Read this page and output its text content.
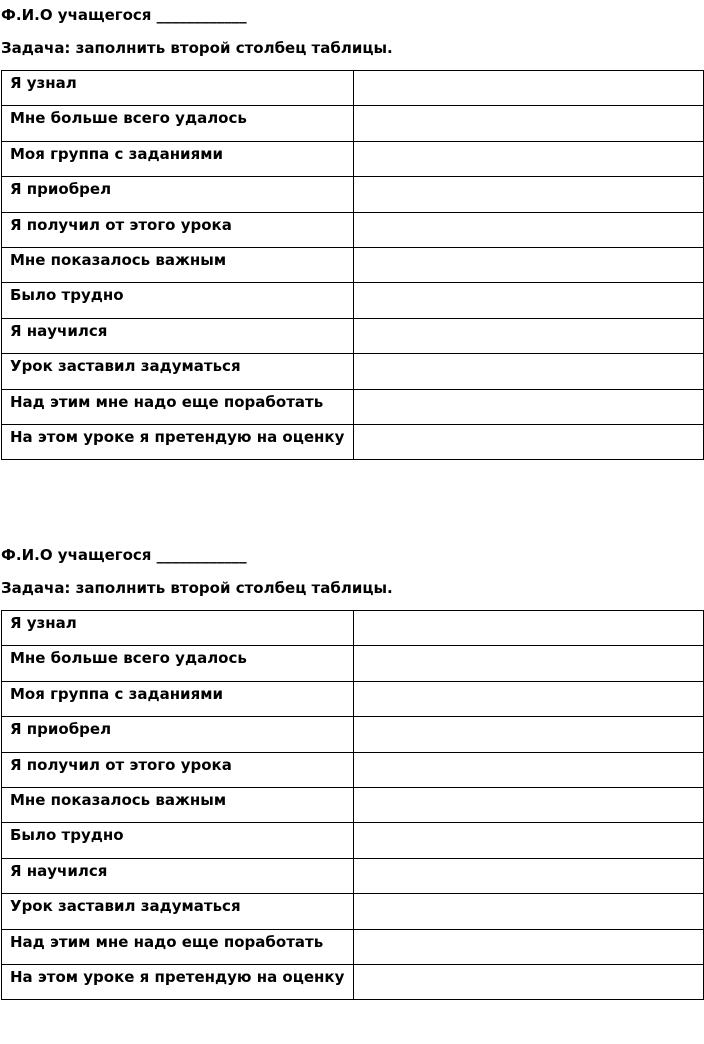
Ф.И.О учащегося ____________
Задача: заполнить второй столбец таблицы.
Я узнал	
Мне больше всего удалось	
Моя группа с заданиями	
Я приобрел	
Я получил от этого урока	
Мне показалось важным	
Было трудно	
Я научился	
Урок заставил задуматься	
Над этим мне надо еще поработать	
На этом уроке я претендую на оценку	
Ф.И.О учащегося ____________
Задача: заполнить второй столбец таблицы.
Я узнал	
Мне больше всего удалось	
Моя группа с заданиями	
Я приобрел	
Я получил от этого урока	
Мне показалось важным	
Было трудно	
Я научился	
Урок заставил задуматься	
Над этим мне надо еще поработать	
На этом уроке я претендую на оценку	
